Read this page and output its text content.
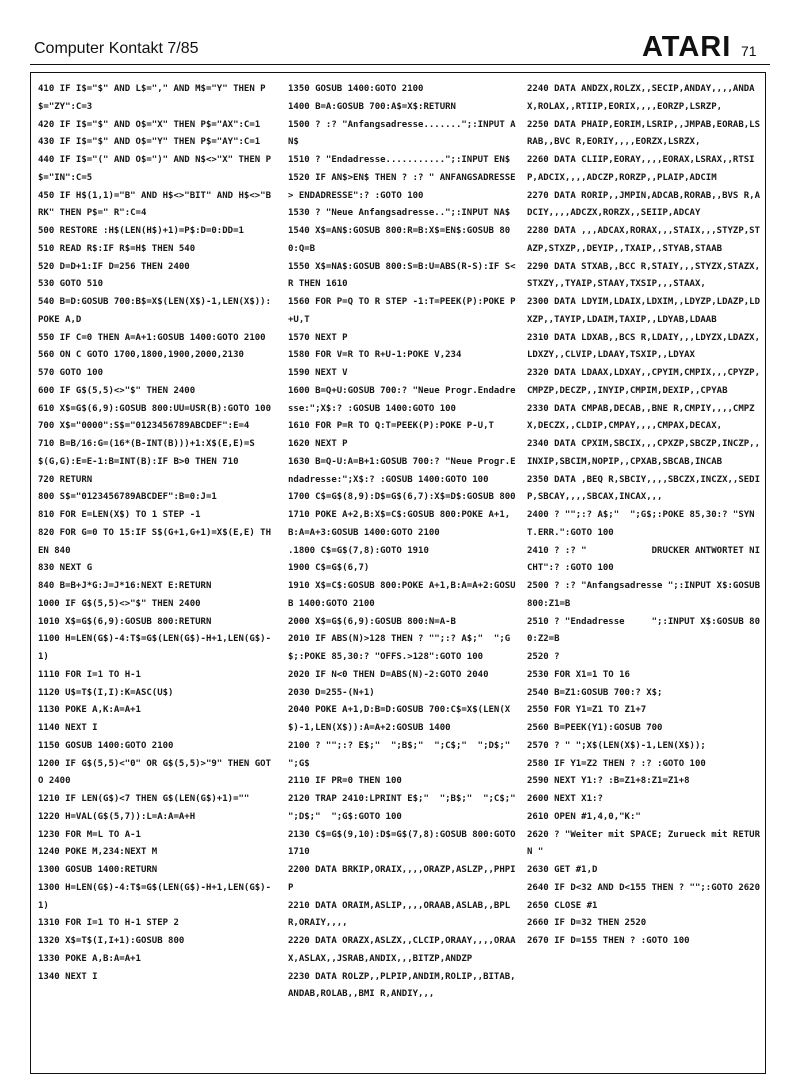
Computer Kontakt 7/85	ATARI 71
410 IF I$="$" AND L$="," AND M$="Y" THEN P$="ZY":C=3
420 IF I$="$" AND O$="X" THEN P$="AX":C=1
430 IF I$="$" AND O$="Y" THEN P$="AY":C=1
440 IF I$="(" AND O$=")" AND N$<>"X" THEN P$="IN":C=5
450 IF H$(1,1)="B" AND H$<>"BIT" AND H$<>"BRK" THEN P$=" R":C=4
500 RESTORE :H$(LEN(H$)+1)=P$:D=0:DD=1
510 READ R$:IF R$=H$ THEN 540
520 D=D+1:IF D=256 THEN 2400
530 GOTO 510
540 B=D:GOSUB 700:B$=X$(LEN(X$)-1,LEN(X$)):POKE A,D
550 IF C=0 THEN A=A+1:GOSUB 1400:GOTO 2100
560 ON C GOTO 1700,1800,1900,2000,2130
570 GOTO 100
600 IF G$(5,5)<>"$" THEN 2400
610 X$=G$(6,9):GOSUB 800:UU=USR(B):GOTO 100
700 X$="0000":S$="0123456789ABCDEF":E=4
710 B=B/16:G=(16*(B-INT(B)))+1:X$(E,E)=S$(G,G):E=E-1:B=INT(B):IF B>0 THEN 710
720 RETURN
800 S$="0123456789ABCDEF":B=0:J=1
810 FOR E=LEN(X$) TO 1 STEP -1
820 FOR G=0 TO 15:IF S$(G+1,G+1)=X$(E,E) THEN 840
830 NEXT G
840 B=B+J*G:J=J*16:NEXT E:RETURN
1000 IF G$(5,5)<>"$" THEN 2400
1010 X$=G$(6,9):GOSUB 800:RETURN
1100 H=LEN(G$)-4:T$=G$(LEN(G$)-H+1,LEN(G$)-1)
1110 FOR I=1 TO H-1
1120 U$=T$(I,I):K=ASC(U$)
1130 POKE A,K:A=A+1
1140 NEXT I
1150 GOSUB 1400:GOTO 2100
1200 IF G$(5,5)<"0" OR G$(5,5)>"9" THEN GOTO 2400
1210 IF LEN(G$)<7 THEN G$(LEN(G$)+1)=""
1220 H=VAL(G$(5,7)):L=A:A=A+H
1230 FOR M=L TO A-1
1240 POKE M,234:NEXT M
1300 GOSUB 1400:RETURN
1300 H=LEN(G$)-4:T$=G$(LEN(G$)-H+1,LEN(G$)-1)
1310 FOR I=1 TO H-1 STEP 2
1320 X$=T$(I,I+1):GOSUB 800
1330 POKE A,B:A=A+1
1340 NEXT I
1350 GOSUB 1400:GOTO 2100
1400 B=A:GOSUB 700:A$=X$:RETURN
1500 ? :? "Anfangsadresse.......";:INPUT AN$
1510 ? "Endadresse...........";:INPUT EN$
1520 IF AN$>EN$ THEN ? :? " ANFANGSADRESSE > ENDADRESSE":? :GOTO 100
1530 ? "Neue Anfangsadresse..";:INPUT NA$
1540 X$=AN$:GOSUB 800:R=B:X$=EN$:GOSUB 800:Q=B
1550 X$=NA$:GOSUB 800:S=B:U=ABS(R-S):IF S<R THEN 1610
1560 FOR P=Q TO R STEP -1:T=PEEK(P):POKE P+U,T
1570 NEXT P
1580 FOR V=R TO R+U-1:POKE V,234
1590 NEXT V
1600 B=Q+U:GOSUB 700:? "Neue Progr.Endadresse:";X$:? :GOSUB 1400:GOTO 100
1610 FOR P=R TO Q:T=PEEK(P):POKE P-U,T
1620 NEXT P
1630 B=Q-U:A=B+1:GOSUB 700:? "Neue Progr.Endadresse:";X$:? :GOSUB 1400:GOTO 100
1700 C$=G$(8,9):D$=G$(6,7):X$=D$:GOSUB 800
1710 POKE A+2,B:X$=C$:GOSUB 800:POKE A+1,B:A=A+3:GOSUB 1400:GOTO 2100
.1800 C$=G$(7,8):GOTO 1910
1900 C$=G$(6,7)
1910 X$=C$:GOSUB 800:POKE A+1,B:A=A+2:GOSUB 1400:GOTO 2100
2000 X$=G$(6,9):GOSUB 800:N=A-B
2010 IF ABS(N)>128 THEN ? "";:? A$;"  ";G$;:POKE 85,30:? "OFFS.>128":GOTO 100
2020 IF N<0 THEN D=ABS(N)-2:GOTO 2040
2030 D=255-(N+1)
2040 POKE A+1,D:B=D:GOSUB 700:C$=X$(LEN(X$)-1,LEN(X$)):A=A+2:GOSUB 1400
2100 ? "";:? E$;"  ";B$;"  ";C$;"  ";D$;"  ";G$
2110 IF PR=0 THEN 100
2120 TRAP 2410:LPRINT E$;"  ";B$;"  ";C$;"  ";D$;"  ";G$:GOTO 100
2130 C$=G$(9,10):D$=G$(7,8):GOSUB 800:GOTO 1710
2200 DATA BRKIP,ORAIX,,,,ORAZP,ASLZP,,PHPIP
2210 DATA ORAIM,ASLIP,,,,ORAAB,ASLAB,,BPL R,ORAIY,,,,
2220 DATA ORAZX,ASLZX,,CLCIP,ORAAY,,,,ORAAX,ASLAX,,JSRAB,ANDIX,,,BITZP,ANDZP
2230 DATA ROLZP,,PLPIP,ANDIM,ROLIP,,BITAB,ANDAB,ROLAB,,BMI R,ANDIY,,,
2240 DATA ANDZX,ROLZX,,SECIP,ANDAY,,,,ANDAX,ROLAX,,RTIIP,EORIX,,,,EORZP,LSRZP,
2250 DATA PHAIP,EORIM,LSRIP,,JMPAB,EORAB,LSRAB,,BVC R,EORIY,,,,EORZX,LSRZX,
2260 DATA CLIIP,EORAY,,,,EORAX,LSRAX,,RTSIP,ADCIX,,,,ADCZP,RORZP,,PLAIP,ADCIM
2270 DATA RORIP,,JMPIN,ADCAB,RORAB,,BVS R,ADCIY,,,,ADCZX,RORZX,,SEIIP,ADCAY
2280 DATA ,,,ADCAX,RORAX,,,STAIX,,,STYZP,STAZP,STXZP,,DEYIP,,TXAIP,,STYAB,STAAB
2290 DATA STXAB,,BCC R,STAIY,,,STYZX,STAZX,STXZY,,TYAIP,STAAY,TXSIP,,,STAAX,
2300 DATA LDYIM,LDAIX,LDXIM,,LDYZP,LDAZP,LDXZP,,TAYIP,LDAIM,TAXIP,,LDYAB,LDAAB
2310 DATA LDXAB,,BCS R,LDAIY,,,LDYZX,LDAZX,LDXZY,,CLVIP,LDAAY,TSXIP,,LDYAX
2320 DATA LDAAX,LDXAY,,CPYIM,CMPIX,,,CPYZP,CMPZP,DECZP,,INYIP,CMPIM,DEXIP,,CPYAB
2330 DATA CMPAB,DECAB,,BNE R,CMPIY,,,,CMPZX,DECZX,,CLDIP,CMPAY,,,,CMPAX,DECAX,
2340 DATA CPXIM,SBCIX,,,CPXZP,SBCZP,INCZP,,INXIP,SBCIM,NOPIP,,CPXAB,SBCAB,INCAB
2350 DATA ,BEQ R,SBCIY,,,,SBCZX,INCZX,,SEDIP,SBCAY,,,,SBCAX,INCAX,,,
2400 ? "";:? A$;"  ";G$;:POKE 85,30:? "SYNT.ERR.":GOTO 100
2410 ? :? "            DRUCKER ANTWORTET NICHT":? :GOTO 100
2500 ? :? "Anfangsadresse ";:INPUT X$:GOSUB 800:Z1=B
2510 ? "Endadresse     ";:INPUT X$:GOSUB 800:Z2=B
2520 ?
2530 FOR X1=1 TO 16
2540 B=Z1:GOSUB 700:? X$;
2550 FOR Y1=Z1 TO Z1+7
2560 B=PEEK(Y1):GOSUB 700
2570 ? " ";X$(LEN(X$)-1,LEN(X$));
2580 IF Y1=Z2 THEN ? :? :GOTO 100
2590 NEXT Y1:? :B=Z1+8:Z1=Z1+8
2600 NEXT X1:?
2610 OPEN #1,4,0,"K:"
2620 ? "Weiter mit SPACE; Zurueck mit RETURN "
2630 GET #1,D
2640 IF D<32 AND D<155 THEN ? "";:GOTO 2620
2650 CLOSE #1
2660 IF D=32 THEN 2520
2670 IF D=155 THEN ? :GOTO 100
